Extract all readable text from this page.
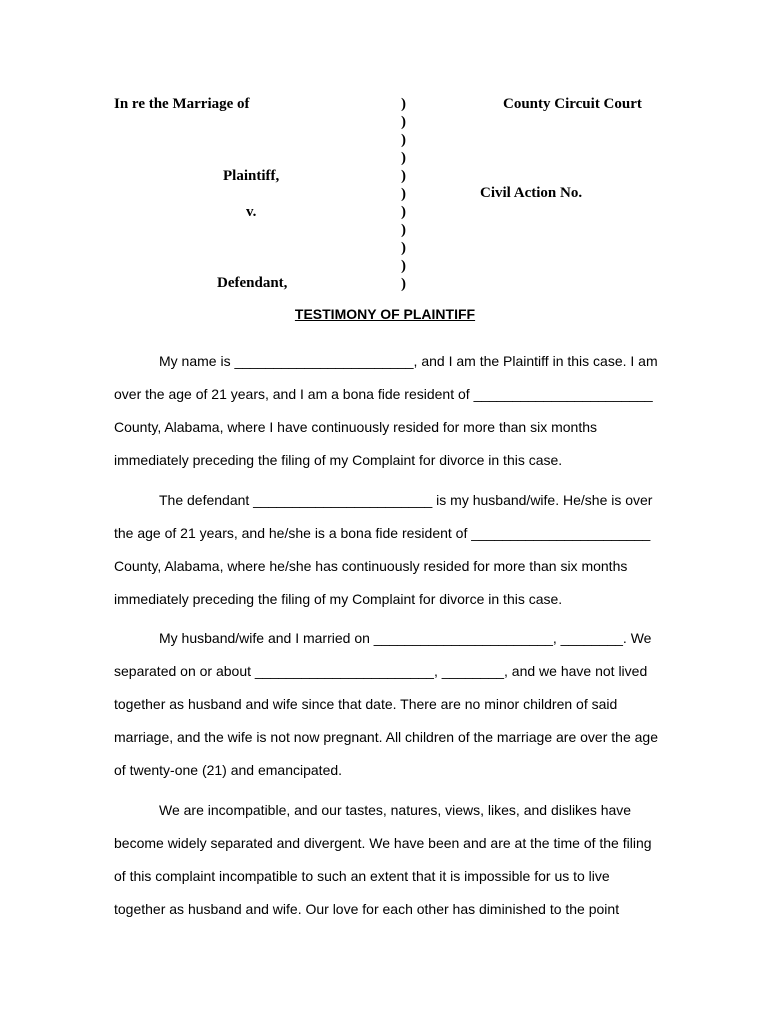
In re the Marriage of	County Circuit Court
Plaintiff,
Civil Action No.
v.
Defendant,
)
)
)
)
)
)
)
)
)
)
)
TESTIMONY OF PLAINTIFF
My name is _______________________, and I am the Plaintiff in this case. I am
over the age of 21 years, and I am a bona fide resident of _______________________
County, Alabama, where I have continuously resided for more than six months
immediately preceding the filing of my Complaint for divorce in this case.
The defendant _______________________ is my husband/wife. He/she is over
the age of 21 years, and he/she is a bona fide resident of _______________________
County, Alabama, where he/she has continuously resided for more than six months
immediately preceding the filing of my Complaint for divorce in this case.
My husband/wife and I married on _______________________, ________. We
separated on or about _______________________, ________, and we have not lived
together as husband and wife since that date. There are no minor children of said
marriage, and the wife is not now pregnant. All children of the marriage are over the age
of twenty-one (21) and emancipated.
We are incompatible, and our tastes, natures, views, likes, and dislikes have
become widely separated and divergent. We have been and are at the time of the filing
of this complaint incompatible to such an extent that it is impossible for us to live
together as husband and wife. Our love for each other has diminished to the point
